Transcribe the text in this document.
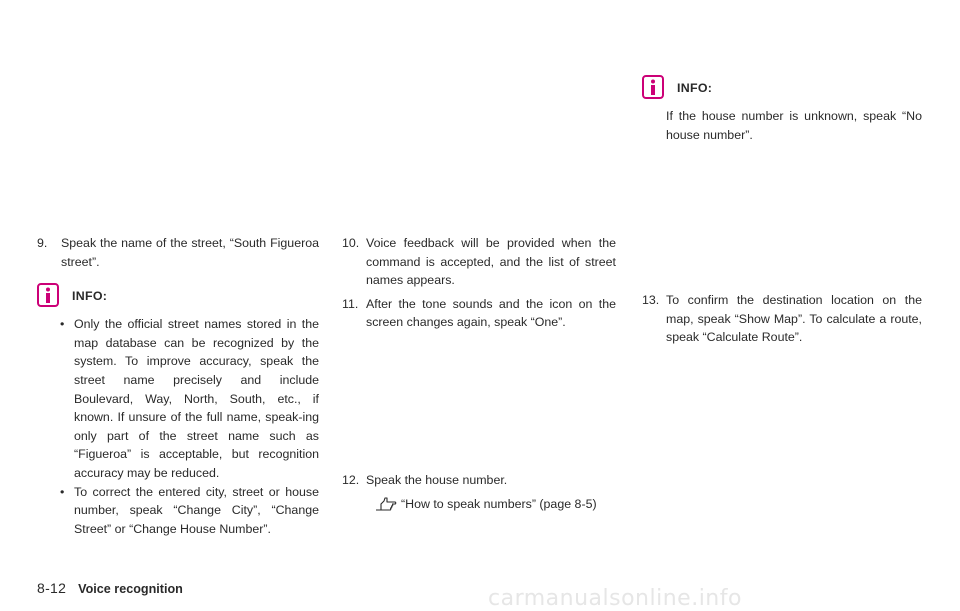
9. Speak the name of the street, “South Figueroa street”.
INFO:
• Only the official street names stored in the map database can be recognized by the system. To improve accuracy, speak the street name precisely and include Boulevard, Way, North, South, etc., if known. If unsure of the full name, speak-ing only part of the street name such as “Figueroa” is acceptable, but recognition accuracy may be reduced.
• To correct the entered city, street or house number, speak “Change City”, “Change Street” or “Change House Number”.
10. Voice feedback will be provided when the command is accepted, and the list of street names appears.
11. After the tone sounds and the icon on the screen changes again, speak “One”.
12. Speak the house number.
“How to speak numbers” (page 8-5)
INFO:

If the house number is unknown, speak “No house number”.

13. To confirm the destination location on the map, speak “Show Map”. To calculate a route, speak “Calculate Route”.
8-12 Voice recognition	carmanualsonline.info
